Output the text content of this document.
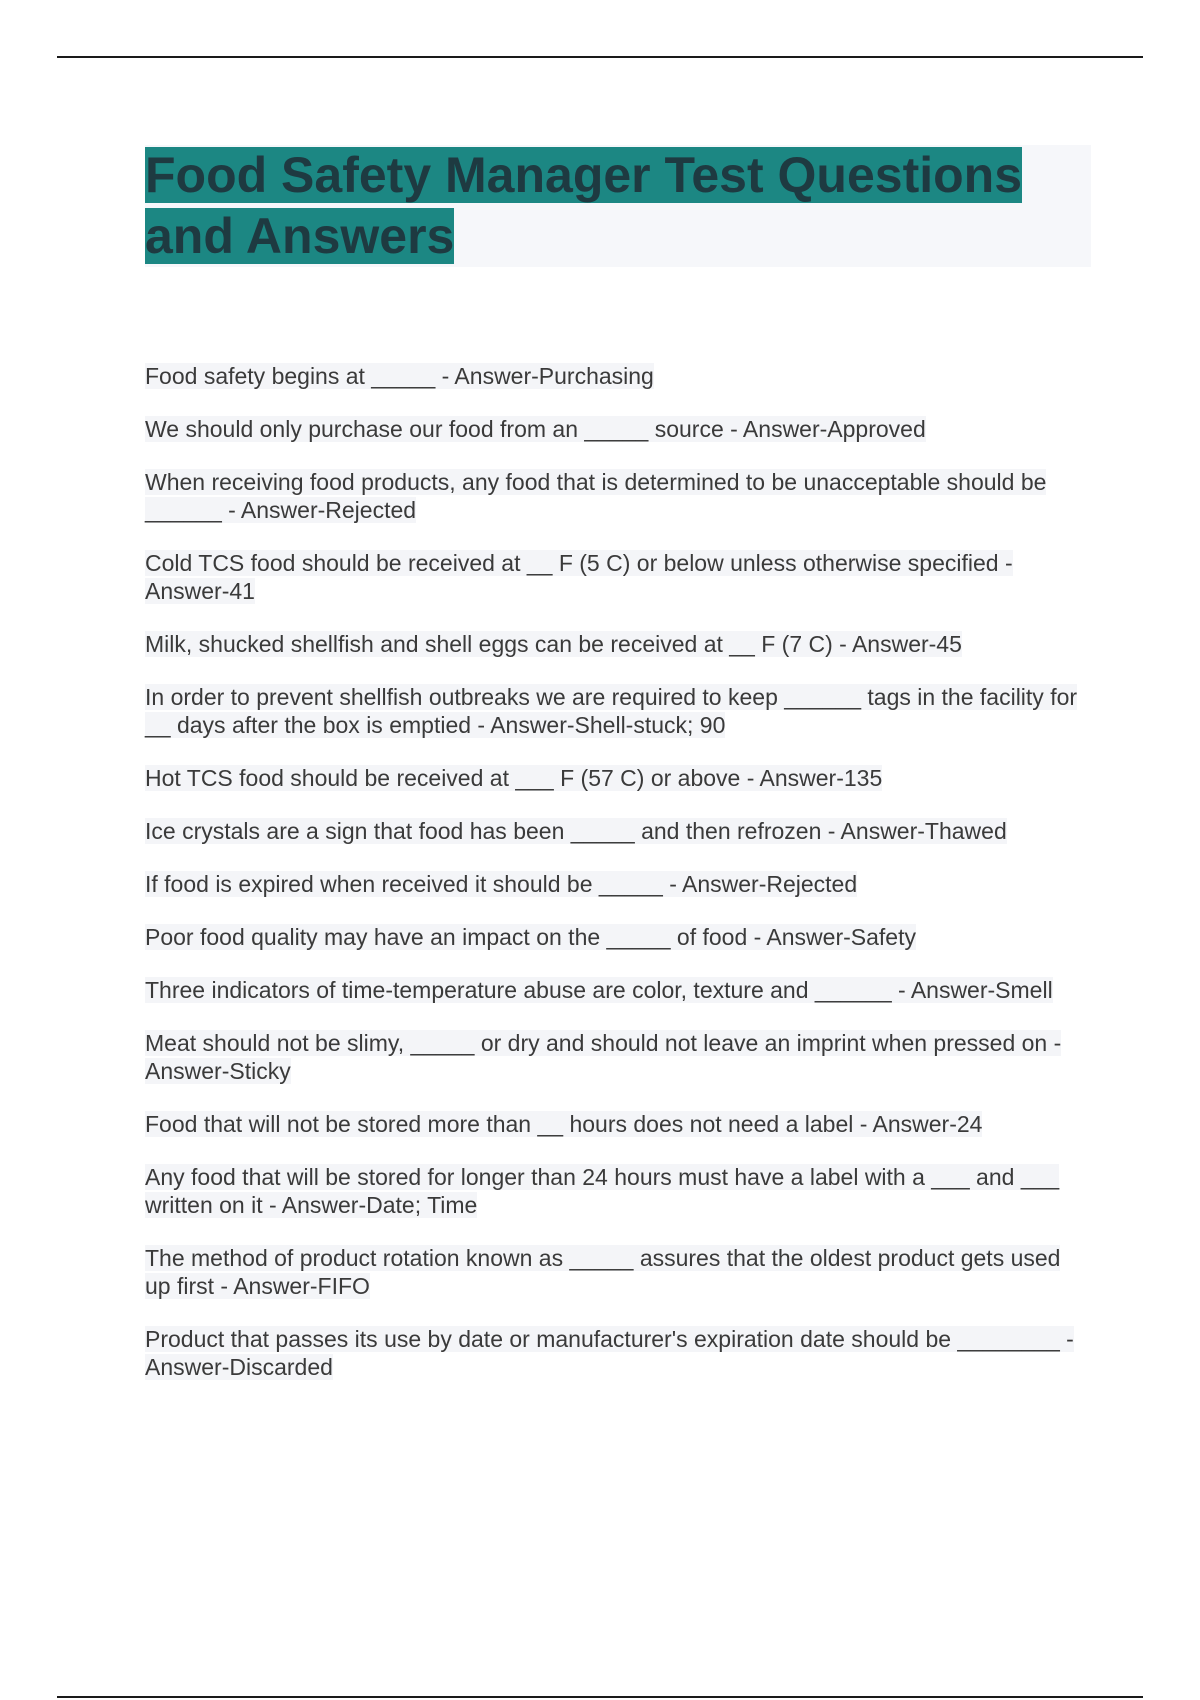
Food Safety Manager Test Questions and Answers
Food safety begins at _____ - Answer-Purchasing
We should only purchase our food from an _____ source - Answer-Approved
When receiving food products, any food that is determined to be unacceptable should be ______ - Answer-Rejected
Cold TCS food should be received at __ F (5 C) or below unless otherwise specified - Answer-41
Milk, shucked shellfish and shell eggs can be received at __ F (7 C) - Answer-45
In order to prevent shellfish outbreaks we are required to keep ______ tags in the facility for __ days after the box is emptied - Answer-Shell-stuck; 90
Hot TCS food should be received at ___ F (57 C) or above - Answer-135
Ice crystals are a sign that food has been _____ and then refrozen - Answer-Thawed
If food is expired when received it should be _____ - Answer-Rejected
Poor food quality may have an impact on the _____ of food - Answer-Safety
Three indicators of time-temperature abuse are color, texture and ______ - Answer-Smell
Meat should not be slimy, _____ or dry and should not leave an imprint when pressed on - Answer-Sticky
Food that will not be stored more than __ hours does not need a label - Answer-24
Any food that will be stored for longer than 24 hours must have a label with a ___ and ___ written on it - Answer-Date; Time
The method of product rotation known as _____ assures that the oldest product gets used up first - Answer-FIFO
Product that passes its use by date or manufacturer's expiration date should be ________ - Answer-Discarded
